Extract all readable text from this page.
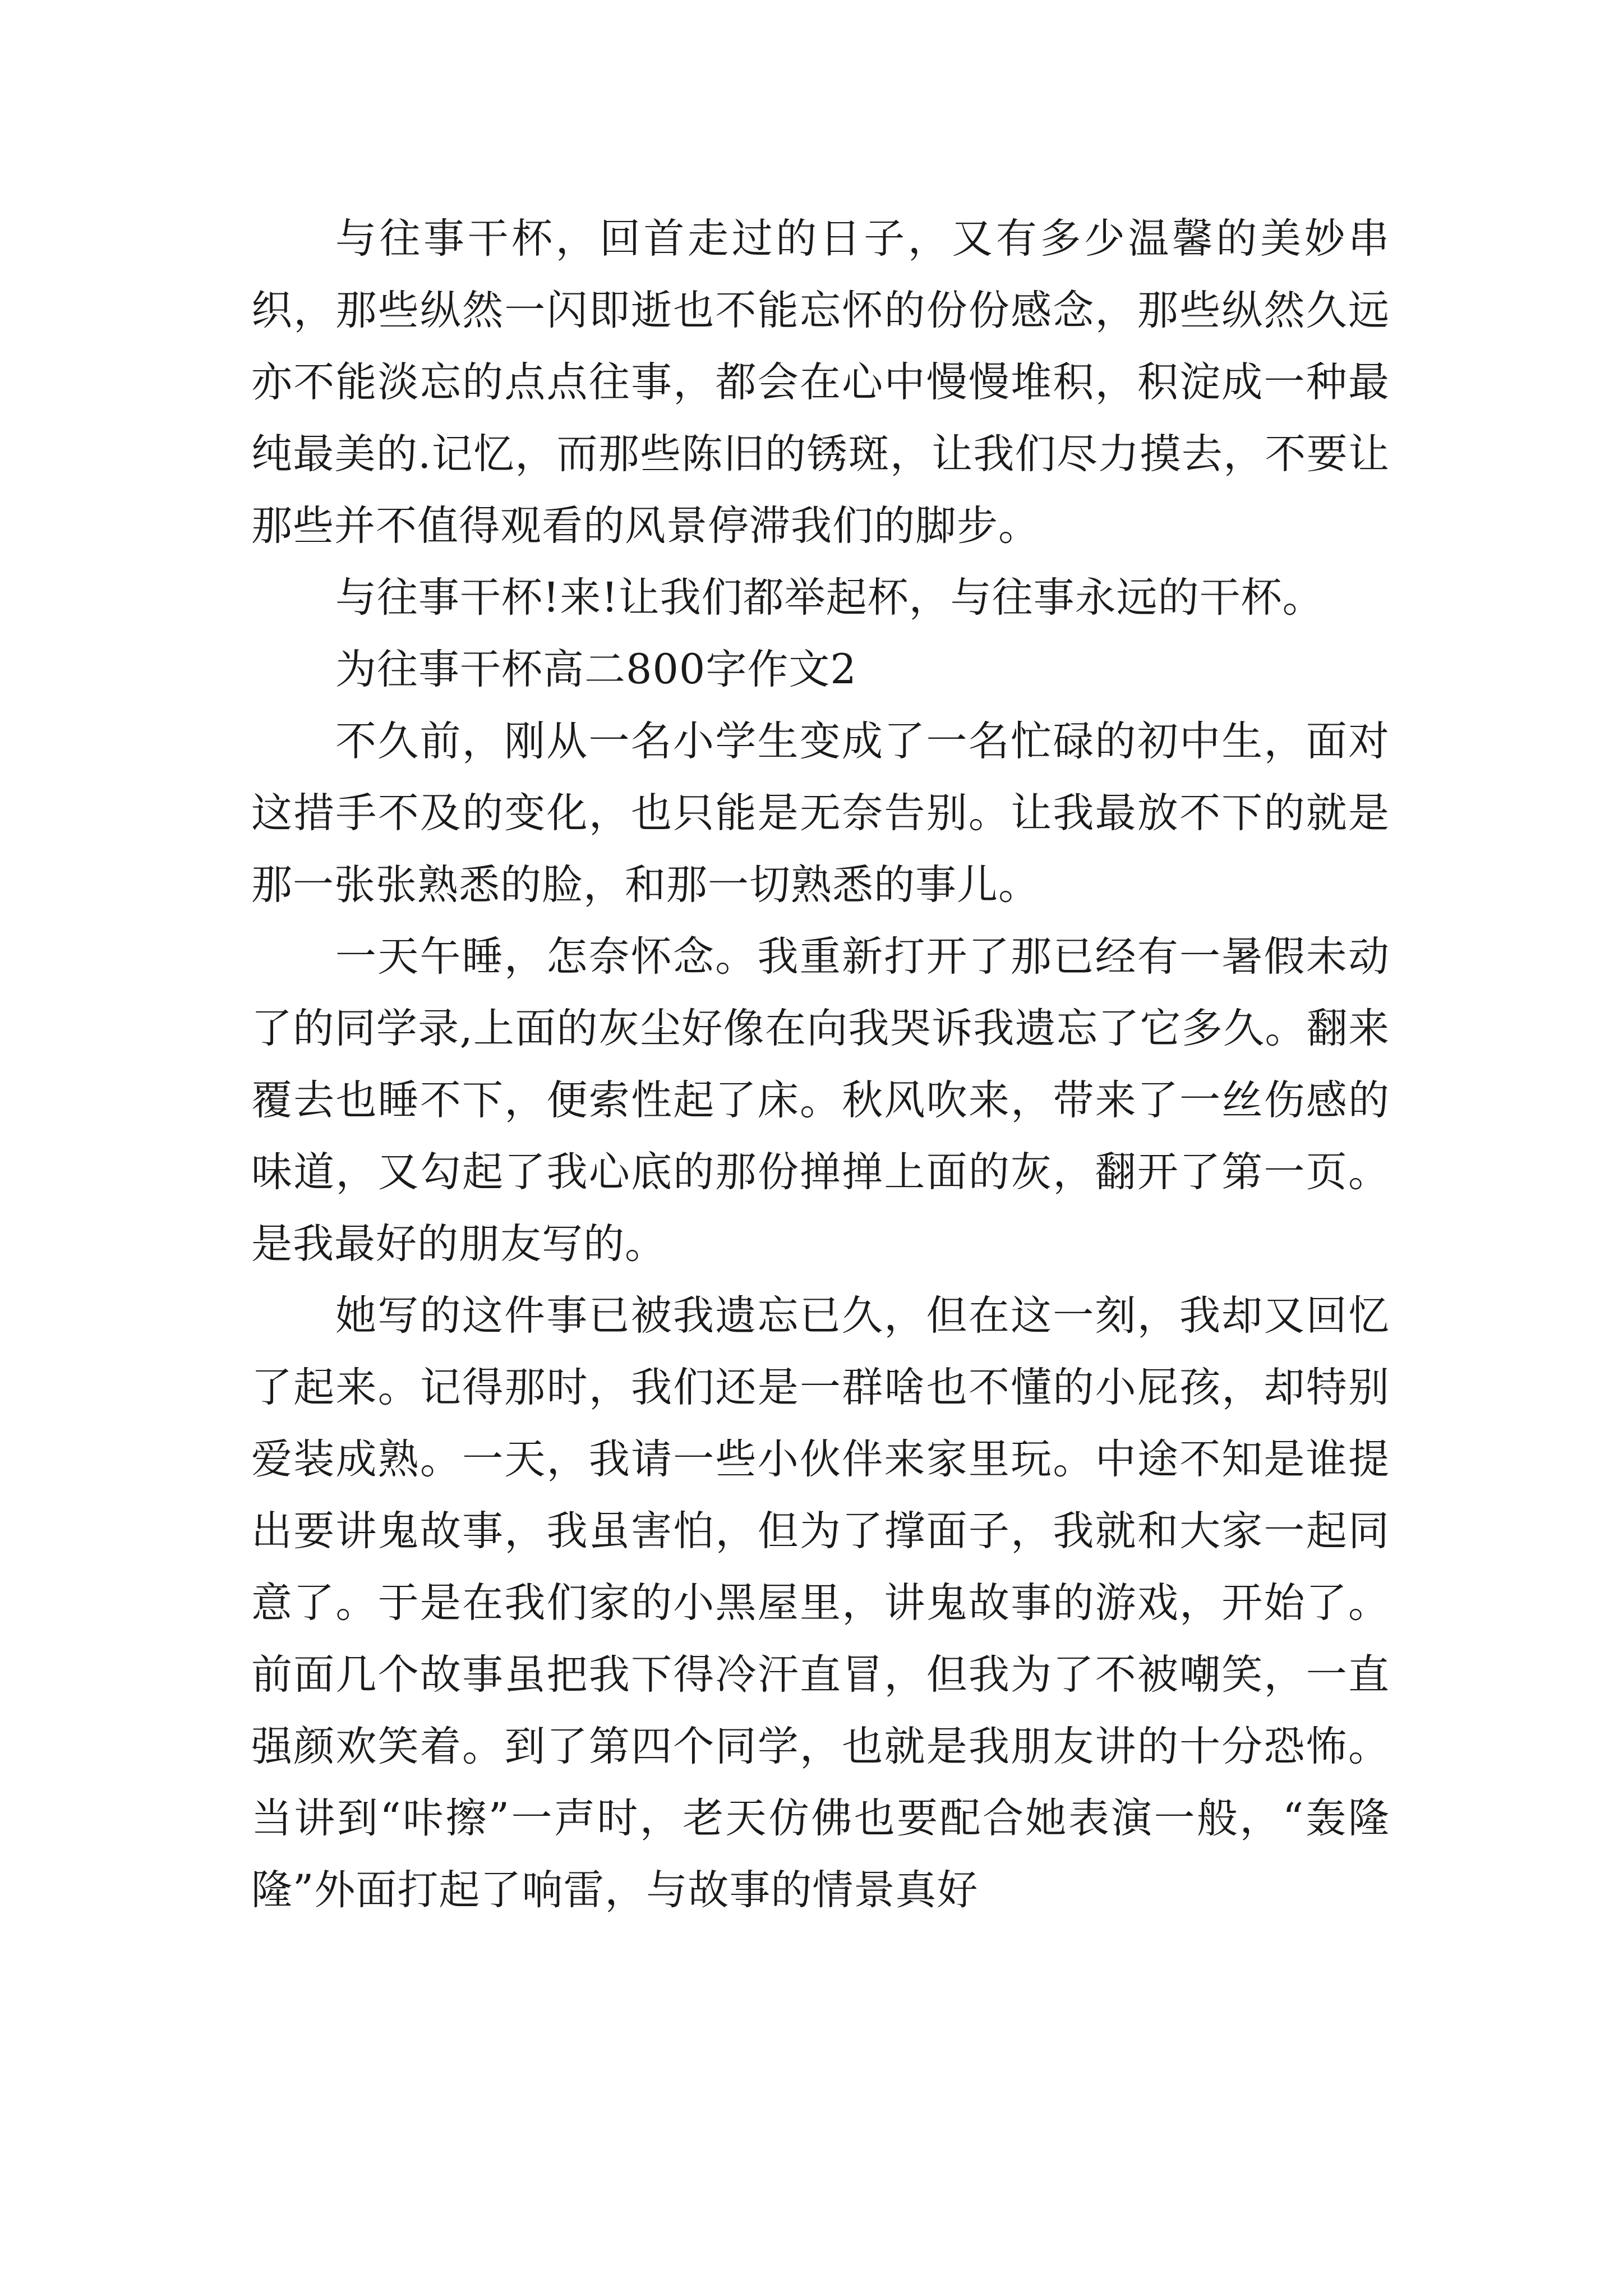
与往事干杯，回首走过的日子，又有多少温馨的美妙串织，那些纵然一闪即逝也不能忘怀的份份感念，那些纵然久远亦不能淡忘的点点往事，都会在心中慢慢堆积，积淀成一种最纯最美的.记忆，而那些陈旧的锈斑，让我们尽力摸去，不要让那些并不值得观看的风景停滞我们的脚步。

与往事干杯!来!让我们都举起杯，与往事永远的干杯。

为往事干杯高二800字作文2

不久前，刚从一名小学生变成了一名忙碌的初中生，面对这措手不及的变化，也只能是无奈告别。让我最放不下的就是那一张张熟悉的脸，和那一切熟悉的事儿。

一天午睡，怎奈怀念。我重新打开了那已经有一暑假未动了的同学录,上面的灰尘好像在向我哭诉我遗忘了它多久。翻来覆去也睡不下，便索性起了床。秋风吹来，带来了一丝伤感的味道，又勾起了我心底的那份掸掸上面的灰，翻开了第一页。是我最好的朋友写的。

她写的这件事已被我遗忘已久，但在这一刻，我却又回忆了起来。记得那时，我们还是一群啥也不懂的小屁孩，却特别爱装成熟。一天，我请一些小伙伴来家里玩。中途不知是谁提出要讲鬼故事，我虽害怕，但为了撑面子，我就和大家一起同意了。于是在我们家的小黑屋里，讲鬼故事的游戏，开始了。前面几个故事虽把我下得冷汗直冒，但我为了不被嘲笑，一直强颜欢笑着。到了第四个同学，也就是我朋友讲的十分恐怖。当讲到“咔擦”一声时，老天仿佛也要配合她表演一般，“轰隆隆”外面打起了响雷，与故事的情景真好
